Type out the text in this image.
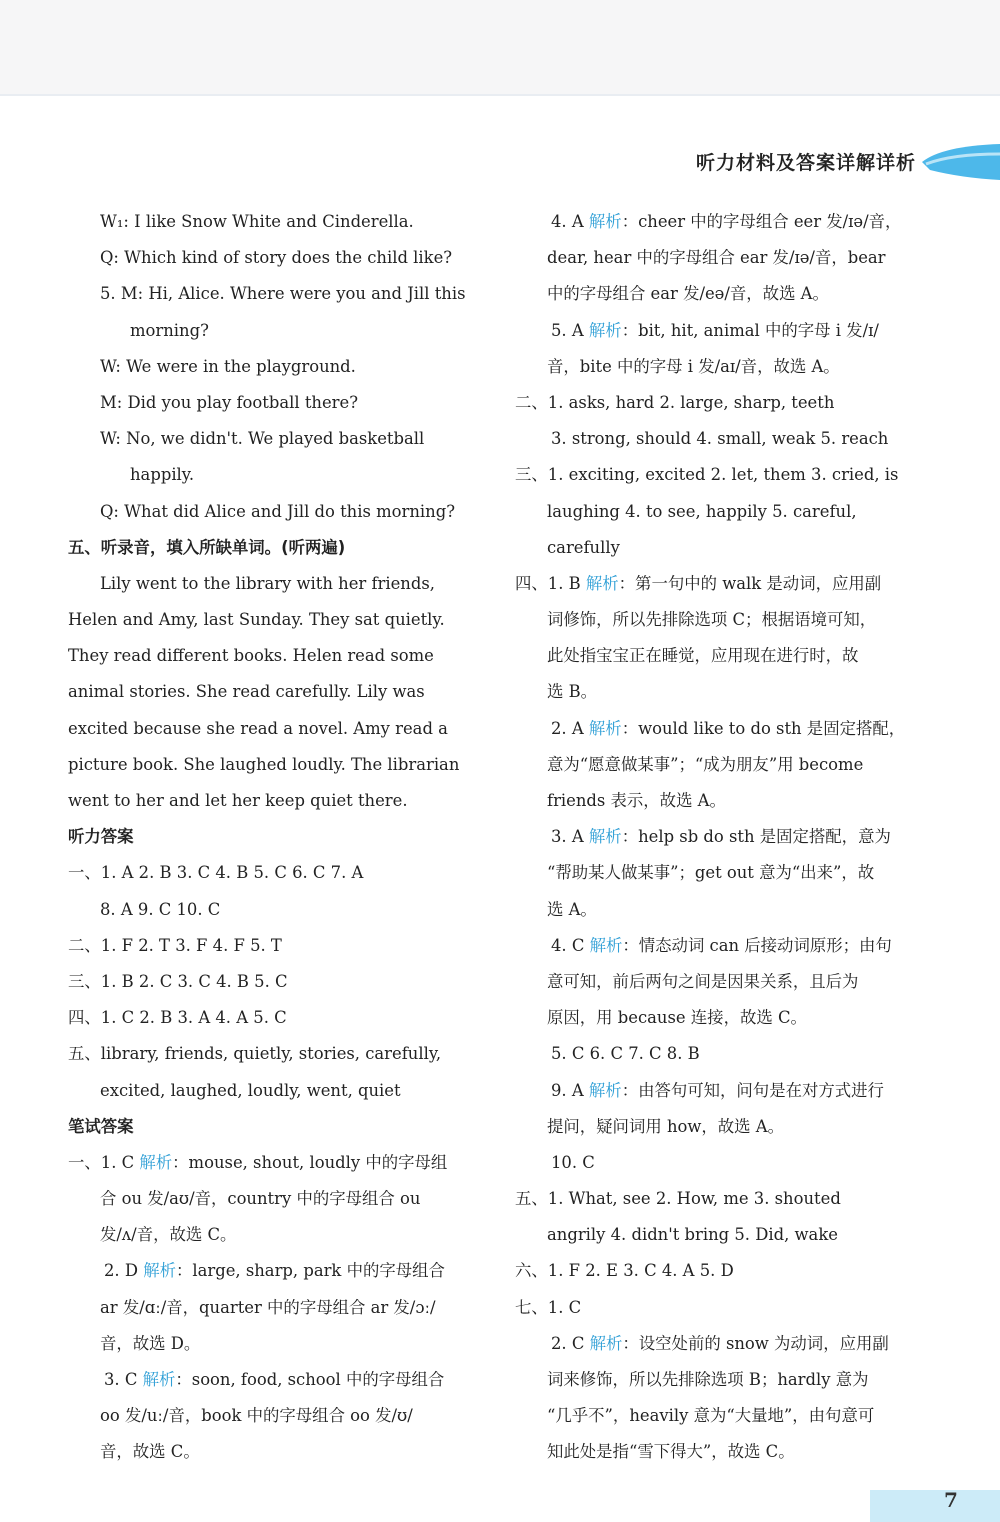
听力材料及答案详解详析
W₁: I like Snow White and Cinderella.
Q: Which kind of story does the child like?
5. M: Hi, Alice. Where were you and Jill this
morning?
W: We were in the playground.
M: Did you play football there?
W: No, we didn't. We played basketball
happily.
Q: What did Alice and Jill do this morning?
五、听录音，填入所缺单词。(听两遍)
Lily went to the library with her friends,
Helen and Amy, last Sunday. They sat quietly.
They read different books. Helen read some
animal stories. She read carefully. Lily was
excited because she read a novel. Amy read a
picture book. She laughed loudly. The librarian
went to her and let her keep quiet there.
听力答案
一、1. A 2. B 3. C 4. B 5. C 6. C 7. A
8. A 9. C 10. C
二、1. F 2. T 3. F 4. F 5. T
三、1. B 2. C 3. C 4. B 5. C
四、1. C 2. B 3. A 4. A 5. C
五、library, friends, quietly, stories, carefully,
excited, laughed, loudly, went, quiet
笔试答案
一、1. C 解析：mouse, shout, loudly 中的字母组
合 ou 发/aʊ/音，country 中的字母组合 ou
发/ʌ/音，故选 C。
2. D 解析：large, sharp, park 中的字母组合
ar 发/ɑː/音，quarter 中的字母组合 ar 发/ɔː/
音，故选 D。
3. C 解析：soon, food, school 中的字母组合
oo 发/uː/音，book 中的字母组合 oo 发/ʊ/
音，故选 C。
4. A 解析：cheer 中的字母组合 eer 发/ɪə/音，
dear, hear 中的字母组合 ear 发/ɪə/音，bear
中的字母组合 ear 发/eə/音，故选 A。
5. A 解析：bit, hit, animal 中的字母 i 发/ɪ/
音，bite 中的字母 i 发/aɪ/音，故选 A。
二、1. asks, hard 2. large, sharp, teeth
3. strong, should 4. small, weak 5. reach
三、1. exciting, excited 2. let, them 3. cried, is
laughing 4. to see, happily 5. careful,
carefully
四、1. B 解析：第一句中的 walk 是动词，应用副
词修饰，所以先排除选项 C；根据语境可知，
此处指宝宝正在睡觉，应用现在进行时，故
选 B。
2. A 解析：would like to do sth 是固定搭配，
意为“愿意做某事”；“成为朋友”用 become
friends 表示，故选 A。
3. A 解析：help sb do sth 是固定搭配，意为
“帮助某人做某事”；get out 意为“出来”，故
选 A。
4. C 解析：情态动词 can 后接动词原形；由句
意可知，前后两句之间是因果关系，且后为
原因，用 because 连接，故选 C。
5. C 6. C 7. C 8. B
9. A 解析：由答句可知，问句是在对方式进行
提问，疑问词用 how，故选 A。
10. C
五、1. What, see 2. How, me 3. shouted
angrily 4. didn't bring 5. Did, wake
六、1. F 2. E 3. C 4. A 5. D
七、1. C
2. C 解析：设空处前的 snow 为动词，应用副
词来修饰，所以先排除选项 B；hardly 意为
“几乎不”，heavily 意为“大量地”，由句意可
知此处是指“雪下得大”，故选 C。
7
